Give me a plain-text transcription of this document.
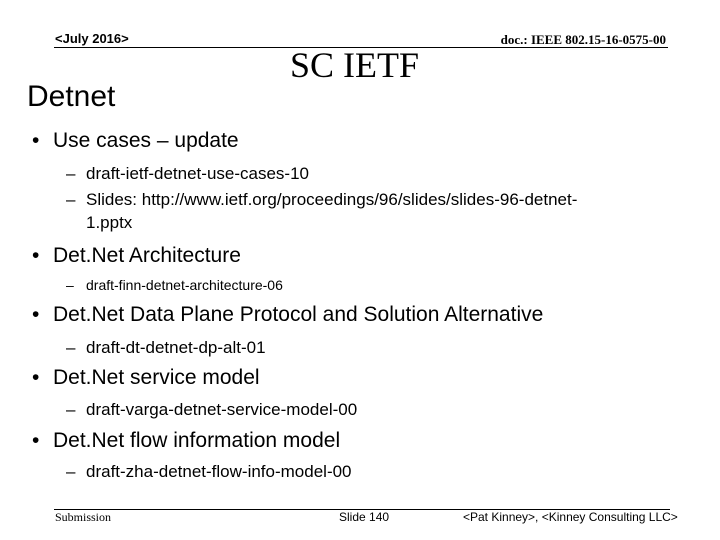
<July 2016>	doc.: IEEE 802.15-16-0575-00
SC IETF
Detnet
• Use cases – update
– draft-ietf-detnet-use-cases-10
– Slides: http://www.ietf.org/proceedings/96/slides/slides-96-detnet-
1.pptx
• Det.Net Architecture
– draft-finn-detnet-architecture-06
• Det.Net Data Plane Protocol and Solution Alternative
– draft-dt-detnet-dp-alt-01
• Det.Net service model
– draft-varga-detnet-service-model-00
• Det.Net flow information model
– draft-zha-detnet-flow-info-model-00
Submission	Slide 140	<Pat Kinney>, <Kinney Consulting LLC>
